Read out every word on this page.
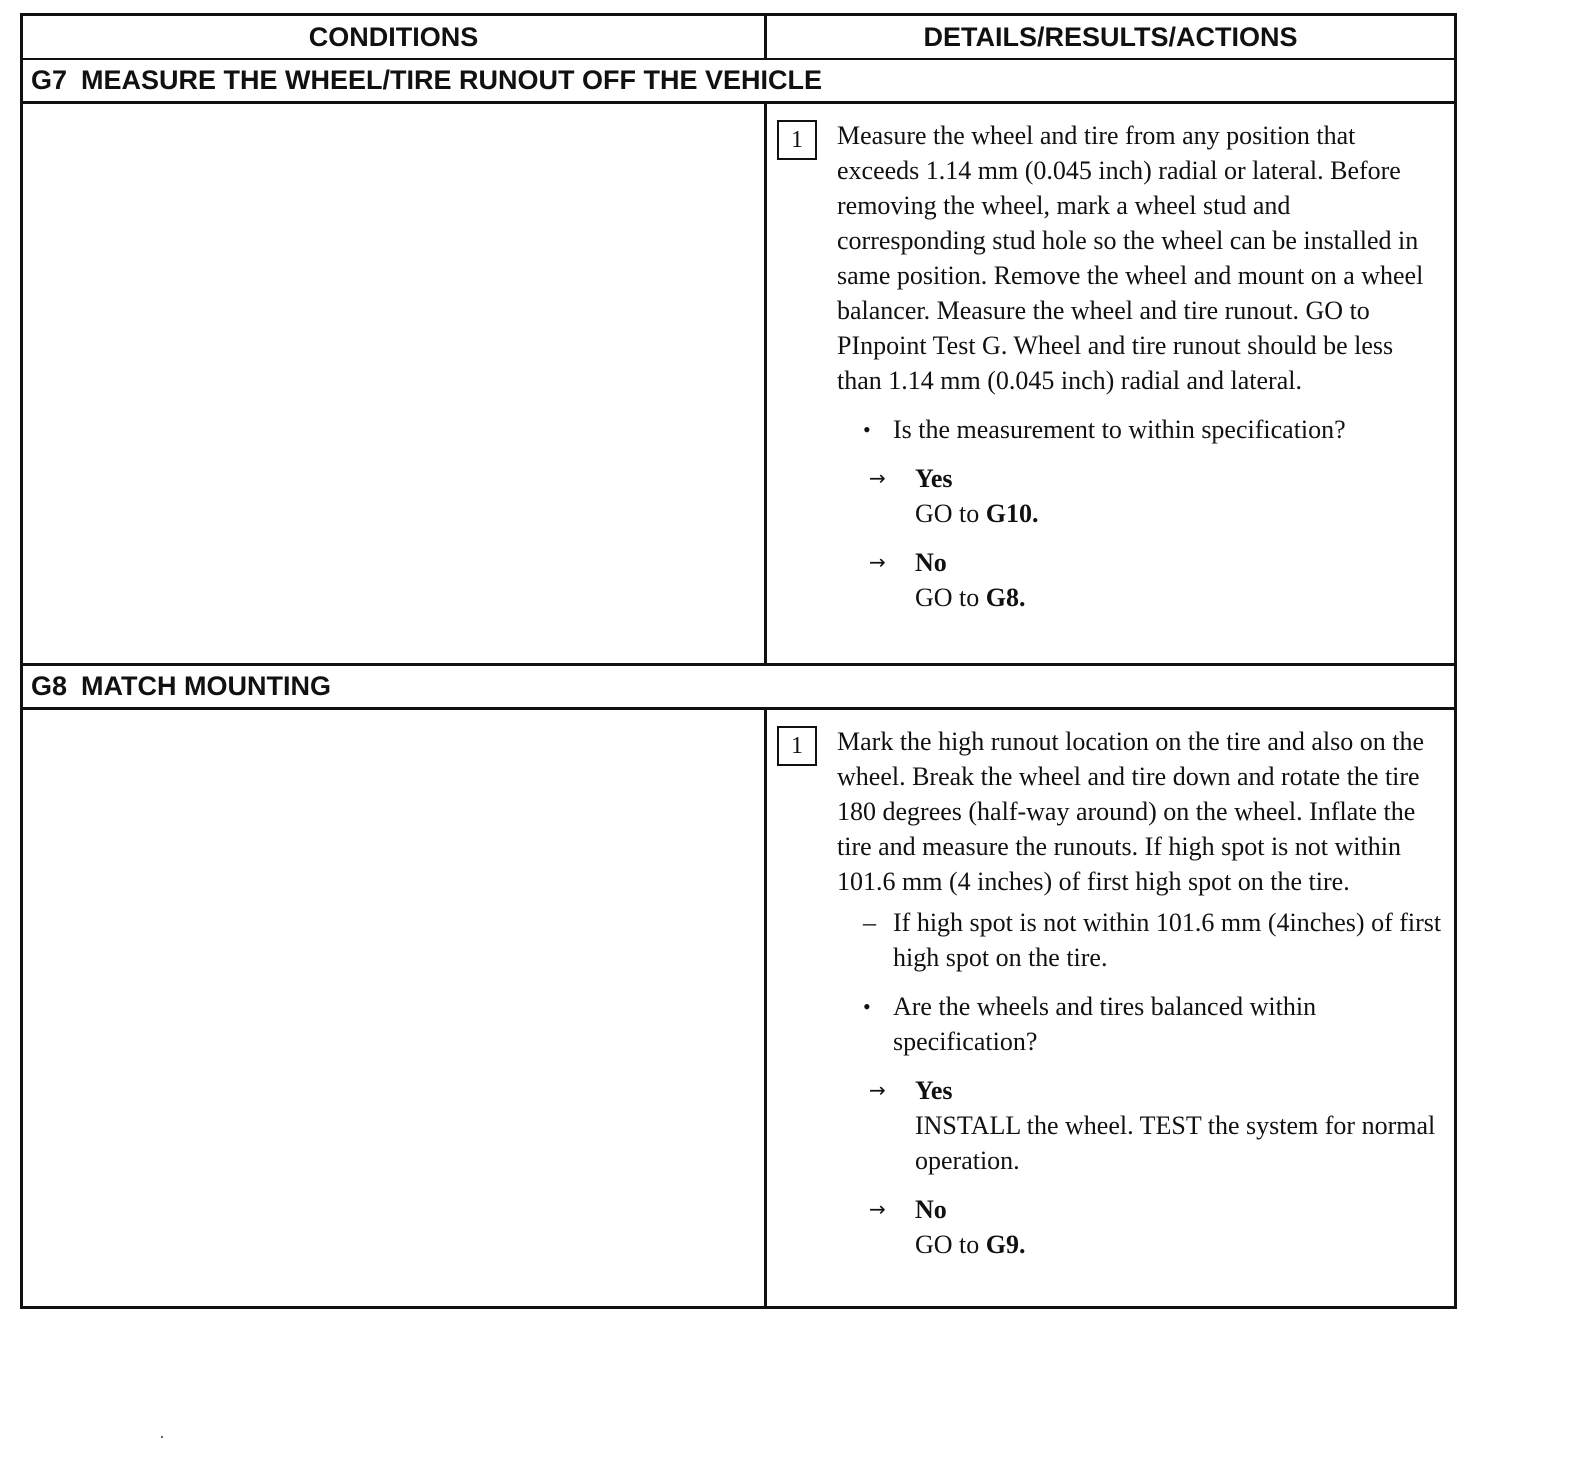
CONDITIONS	DETAILS/RESULTS/ACTIONS
G7 MEASURE THE WHEEL/TIRE RUNOUT OFF THE VEHICLE
1	Measure the wheel and tire from any position that exceeds 1.14 mm (0.045 inch) radial or lateral. Before removing the wheel, mark a wheel stud and corresponding stud hole so the wheel can be installed in same position. Remove the wheel and mount on a wheel balancer. Measure the wheel and tire runout. GO to PInpoint Test G. Wheel and tire runout should be less than 1.14 mm (0.045 inch) radial and lateral.

• Is the measurement to within specification?
→	Yes
GO to G10.
→	No
GO to G8.
G8 MATCH MOUNTING
1	Mark the high runout location on the tire and also on the wheel. Break the wheel and tire down and rotate the tire 180 degrees (half-way around) on the wheel. Inflate the tire and measure the runouts. If high spot is not within 101.6 mm (4 inches) of first high spot on the tire.

– If high spot is not within 101.6 mm (4inches) of first high spot on the tire.
• Are the wheels and tires balanced within specification?
→	Yes
INSTALL the wheel. TEST the system for normal operation.
→	No
GO to G9.
